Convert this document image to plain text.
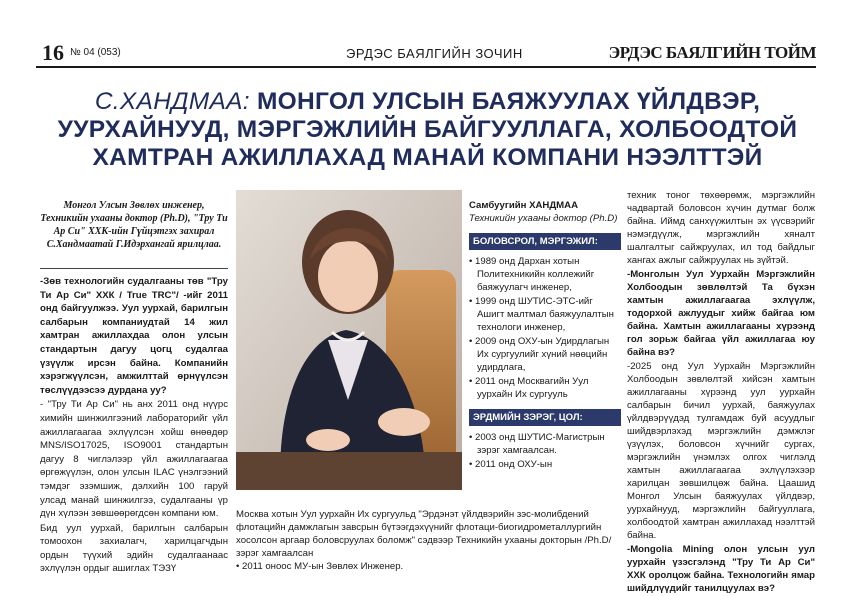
16 № 04 (053)	ЭРДЭС БАЯЛГИЙН ЗОЧИН	ЭРДЭС БАЯЛГИЙН ТОЙМ
С.ХАНДМАА: МОНГОЛ УЛСЫН БАЯЖУУЛАХ ҮЙЛДВЭР,
УУРХАЙНУУД, МЭРГЭЖЛИЙН БАЙГУУЛЛАГА, ХОЛБООДТОЙ
ХАМТРАН АЖИЛЛАХАД МАНАЙ КОМПАНИ НЭЭЛТТЭЙ
Монгол Улсын Зөвлөх инженер, Техникийн ухааны доктор (Ph.D), "Тру Ти Ар Си" ХХК-ийн Гүйцэтгэх захирал С.Хандмаатай Г.Идэрхангай ярилцлаа.

-Зөв технологийн судалгааны төв "Тру Ти Ар Си" ХХК / True TRC"/ -ийг 2011 онд байгуулжээ. Уул уурхай, барилгын салбарын компаниудтай 14 жил хамтран ажиллахдаа олон улсын стандартын дагуу цогц судалгаа үзүүлж ирсэн байна. Компанийн хэрэгжүүлсэн, амжилттай өрнүүлсэн төслүүдээсээ дурдана уу?

- "Тру Ти Ар Си" нь анх 2011 онд нүүрс химийн шинжилгээний лабораторийг үйл ажиллагаагаа эхлүүлсэн хойш өнөөдөр MNS/ISO17025, ISO9001 стандартын дагуу 8 чиглэлээр үйл ажиллагаагаа өргөжүүлэн, олон улсын ILAC үнэлгээний тэмдэг эзэмшиж, дэлхийн 100 гаруй улсад манай шинжилгээ, судалгааны үр дүн хүлээн зөвшөөрөгдсөн компани юм.

Бид уул уурхай, барилгын салбарын томоохон захиалагч, харилцагчдын ордын түүхий эдийн судалгаанаас эхлүүлэн ордыг ашиглах ТЭЗҮ

Самбуугийн ХАНДМАА
Техникийн ухааны доктор (Ph.D)
БОЛОВСРОЛ, МЭРГЭЖИЛ:
• 1989 онд Дархан хотын Политехникийн коллежийг баяжуулагч инженер,
• 1999 онд ШУТИС-ЭТС-ийг Ашигт малтмал баяжуулалтын технологи инженер,
• 2009 онд ОХУ-ын Удирдлагын Их сургуулийг хүний нөөцийн удирдлага,
• 2011 онд Москвагийн Уул уурхайн Их сургууль
ЭРДМИЙН ЗЭРЭГ, ЦОЛ:
• 2003 онд ШУТИС-Магистрын зэрэг хамгаалсан.
• 2011 онд ОХУ-ын
Москва хотын Уул уурхайн Их сургуульд "Эрдэнэт үйлдвэрийн зэс-молибдений флотацийн дамжлагын завсрын бүтээгдэхүүнийг флотаци-биогидрометаллургийн хосолсон аргаар боловсруулах боломж" сэдвээр Техникийн ухааны докторын /Ph.D/ зэрэг хамгаалсан
• 2011 оноос МУ-ын Зөвлөх Инженер.

техник тоног төхөөрөмж, мэргэжлийн чадвартай боловсон хүчин дутмаг болж байна. Иймд санхүүжилтын эх үүсвэрийг нэмэгдүүлж, мэргэжлийн хяналт шалгалтыг сайжруулах, ил тод байдлыг хангах ажлыг сайжруулах нь зүйтэй.

-Монголын Уул Уурхайн Мэргэжлийн Холбоодын зөвлөлтэй Та бүхэн хамтын ажиллагаагаа эхлүүлж, тодорхой ажлуудыг хийж байгаа юм байна. Хамтын ажиллагааны хүрээнд гол зорьж байгаа үйл ажиллагаа юу байна вэ?

-2025 онд Уул Уурхайн Мэргэжлийн Холбоодын зөвлөлтэй хийсэн хамтын ажиллагааны хүрээнд уул уурхайн салбарын бичил уурхай, баяжуулах үйлдвэрүүдэд тулгамдаж буй асуудлыг шийдвэрлэхэд мэргэжлийн дэмжлэг үзүүлэх, боловсон хүчнийг сургах, мэргэжлийн үнэмлэх олгох чиглэлд хамтын ажиллагаагаа эхлүүлэхээр харилцан зөвшилцөж байна. Цаашид Монгол Улсын баяжуулах үйлдвэр, уурхайнууд, мэргэжлийн байгууллага, холбоодтой хамтран ажиллахад нээлттэй байна.

-Mongolia Mining олон улсын уул уурхайн үзэсгэлэнд "Тру Ти Ар Си" ХХК оролцож байна. Технологийн ямар шийдлүүдийг танилцуулах вэ?
